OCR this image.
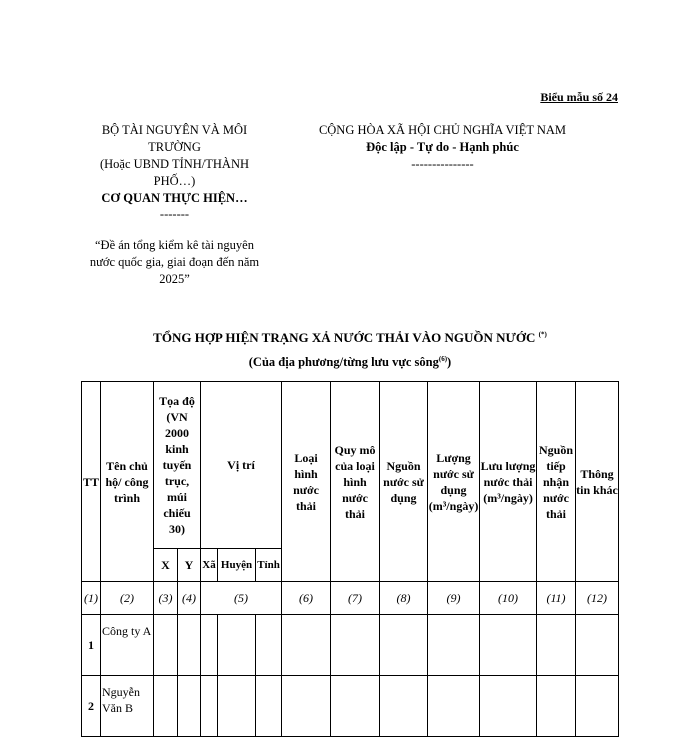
Biểu mẫu số 24
BỘ TÀI NGUYÊN VÀ MÔI TRƯỜNG
(Hoặc UBND TỈNH/THÀNH PHỐ…)
CƠ QUAN THỰC HIỆN…
-------
“Đề án tổng kiểm kê tài nguyên nước quốc gia, giai đoạn đến năm 2025”
CỘNG HÒA XÃ HỘI CHỦ NGHĨA VIỆT NAM
Độc lập - Tự do - Hạnh phúc
---------------
TỔNG HỢP HIỆN TRẠNG XẢ NƯỚC THẢI VÀO NGUỒN NƯỚC (*)
(Của địa phương/từng lưu vực sông$^{(6)}$)
TT	Tên chủ hộ/ công trình	Tọa độ (VN 2000 kinh tuyến trục, múi chiếu 30)		Vị trí			Loại hình nước thải	Quy mô của loại hình nước thải	Nguồn nước sử dụng	Lượng nước sử dụng (m³/ngày)	Lưu lượng nước thải (m³/ngày)	Nguồn tiếp nhận nước thải	Thông tin khác
		X	Y	Xã	Huyện	Tỉnh							
(1)	(2)	(3)	(4)	(5)			(6)	(7)	(8)	(9)	(10)	(11)	(12)
1	Công ty A												
2	Nguyễn Văn B												
